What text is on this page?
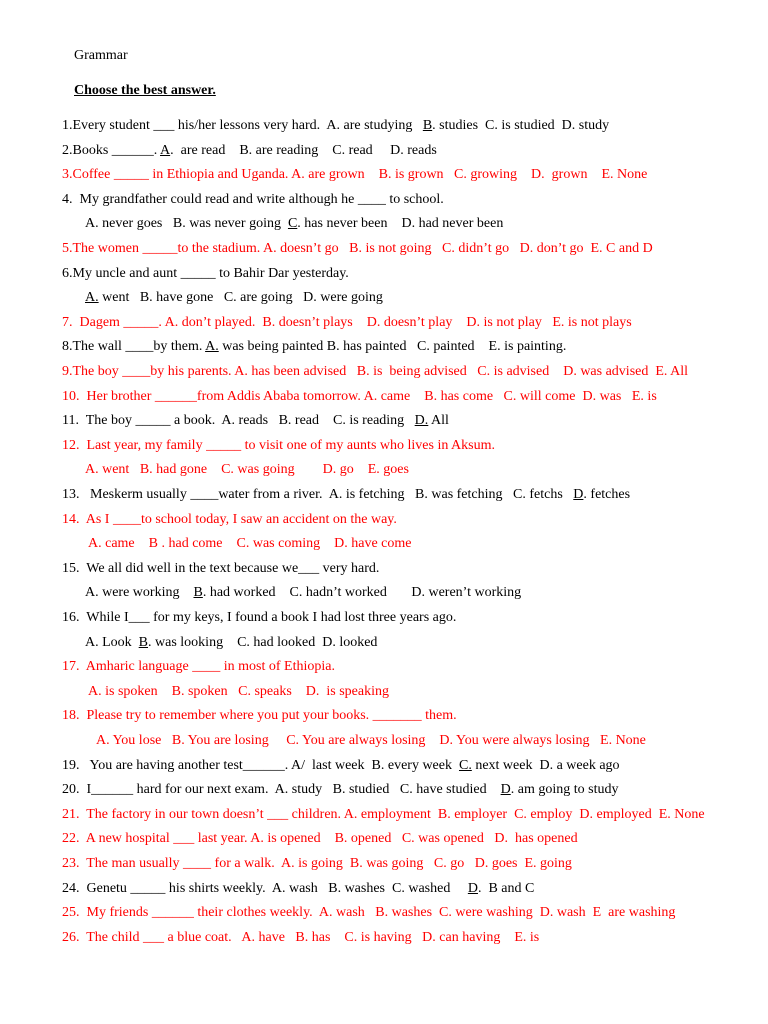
Grammar
Choose the best answer.
1.Every student ___ his/her lessons very hard.  A. are studying   B. studies  C. is studied  D. study
2.Books ______. A.  are read    B. are reading    C. read     D. reads
3.Coffee _____ in Ethiopia and Uganda. A. are grown    B. is grown   C. growing    D.  grown    E. None
4.  My grandfather could read and write although he ____ to school.
A. never goes   B. was never going  C. has never been    D. had never been
5.The women _____to the stadium. A. doesn’t go   B. is not going   C. didn’t go   D. don’t go  E. C and D
6.My uncle and aunt _____ to Bahir Dar yesterday.
A. went   B. have gone   C. are going   D. were going
7.  Dagem _____. A. don’t played.  B. doesn’t plays    D. doesn’t play    D. is not play   E. is not plays
8.The wall ____by them. A. was being painted B. has painted   C. painted    E. is painting.
9.The boy ____by his parents. A. has been advised   B. is  being advised   C. is advised    D. was advised  E. All
10.  Her brother ______from Addis Ababa tomorrow. A. came    B. has come   C. will come  D. was   E. is
11.  The boy _____ a book.  A. reads   B. read    C. is reading   D. All
12.  Last year, my family _____ to visit one of my aunts who lives in Aksum.
A. went   B. had gone    C. was going        D. go    E. goes
13.   Meskerm usually ____water from a river.  A. is fetching   B. was fetching   C. fetchs   D. fetches
14.  As I ____to school today, I saw an accident on the way.
A. came    B . had come    C. was coming    D. have come
15.  We all did well in the text because we___ very hard.
A. were working    B. had worked    C. hadn’t worked       D. weren’t working
16.  While I___ for my keys, I found a book I had lost three years ago.
A. Look  B. was looking    C. had looked  D. looked
17.  Amharic language ____ in most of Ethiopia.
A. is spoken    B. spoken   C. speaks    D.  is speaking
18.  Please try to remember where you put your books. _______ them.
A. You lose   B. You are losing     C. You are always losing    D. You were always losing   E. None
19.   You are having another test______. A/  last week  B. every week  C. next week  D. a week ago
20.  I______ hard for our next exam.  A. study   B. studied   C. have studied    D. am going to study
21.  The factory in our town doesn’t ___ children. A. employment  B. employer  C. employ  D. employed  E. None
22.  A new hospital ___ last year. A. is opened    B. opened   C. was opened   D.  has opened
23.  The man usually ____ for a walk.  A. is going  B. was going   C. go   D. goes  E. going
24.  Genetu _____ his shirts weekly.  A. wash   B. washes  C. washed     D.  B and C
25.  My friends ______ their clothes weekly.  A. wash   B. washes  C. were washing  D. wash  E  are washing
26.  The child ___ a blue coat.   A. have   B. has    C. is having   D. can having    E. is
